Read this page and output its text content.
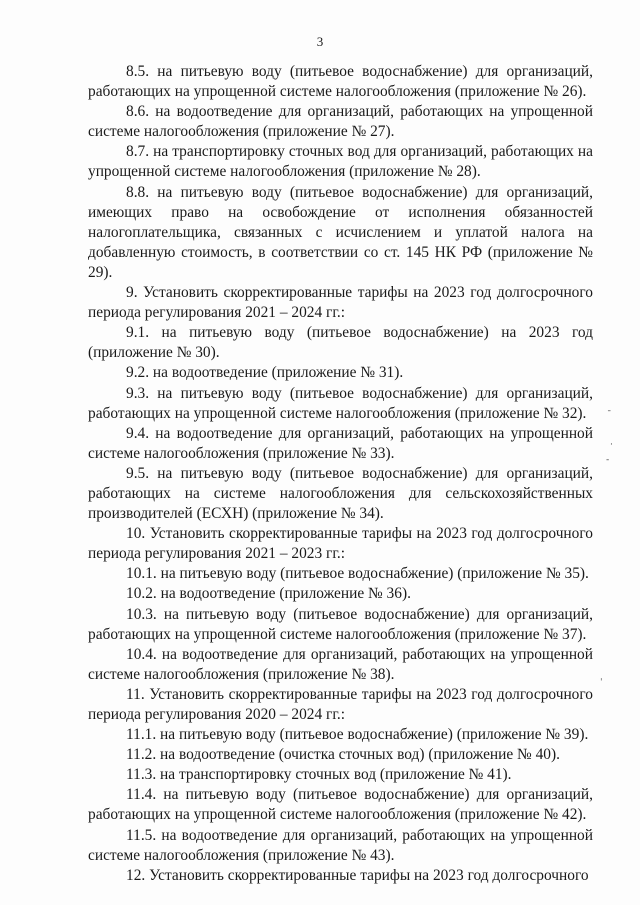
3

8.5. на питьевую воду (питьевое водоснабжение) для организаций, работающих на упрощенной системе налогообложения (приложение № 26).

8.6. на водоотведение для организаций, работающих на упрощенной системе налогообложения (приложение № 27).

8.7. на транспортировку сточных вод для организаций, работающих на упрощенной системе налогообложения (приложение № 28).

8.8. на питьевую воду (питьевое водоснабжение) для организаций, имеющих право на освобождение от исполнения обязанностей налогоплательщика, связанных с исчислением и уплатой налога на добавленную стоимость, в соответствии со ст. 145 НК РФ (приложение № 29).

9. Установить скорректированные тарифы на 2023 год долгосрочного периода регулирования 2021 – 2024 гг.:

9.1. на питьевую воду (питьевое водоснабжение) на 2023 год (приложение № 30).

9.2. на водоотведение (приложение № 31).

9.3. на питьевую воду (питьевое водоснабжение) для организаций, работающих на упрощенной системе налогообложения (приложение № 32).

9.4. на водоотведение для организаций, работающих на упрощенной системе налогообложения (приложение № 33).

9.5. на питьевую воду (питьевое водоснабжение) для организаций, работающих на системе налогообложения для сельскохозяйственных производителей (ЕСХН) (приложение № 34).

10. Установить скорректированные тарифы на 2023 год долгосрочного периода регулирования 2021 – 2023 гг.:

10.1. на питьевую воду (питьевое водоснабжение) (приложение № 35).

10.2. на водоотведение (приложение № 36).

10.3. на питьевую воду (питьевое водоснабжение) для организаций, работающих на упрощенной системе налогообложения (приложение № 37).

10.4. на водоотведение для организаций, работающих на упрощенной системе налогообложения (приложение № 38).

11. Установить скорректированные тарифы на 2023 год долгосрочного периода регулирования 2020 – 2024 гг.:

11.1. на питьевую воду (питьевое водоснабжение) (приложение № 39).

11.2. на водоотведение (очистка сточных вод) (приложение № 40).

11.3. на транспортировку сточных вод (приложение № 41).

11.4. на питьевую воду (питьевое водоснабжение) для организаций, работающих на упрощенной системе налогообложения (приложение № 42).

11.5. на водоотведение для организаций, работающих на упрощенной системе налогообложения (приложение № 43).

12. Установить скорректированные тарифы на 2023 год долгосрочного

¯
·
-
ˈ
